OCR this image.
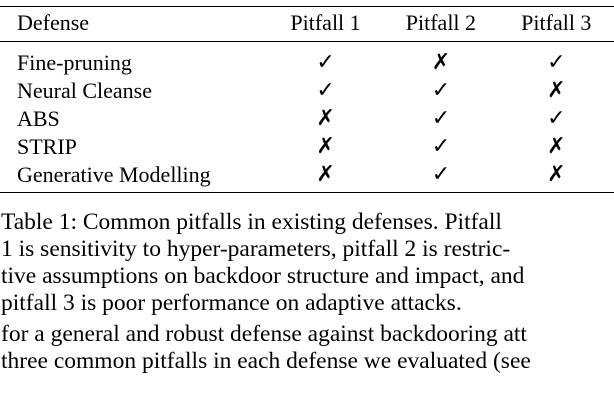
Defense	Pitfall 1	Pitfall 2	Pitfall 3
Fine-pruning	✓	✗	✓
Neural Cleanse	✓	✓	✗
ABS	✗	✓	✓
STRIP	✗	✓	✗
Generative Modelling	✗	✓	✗
Table 1: Common pitfalls in existing defenses. Pitfall
1 is sensitivity to hyper-parameters, pitfall 2 is restric-
tive assumptions on backdoor structure and impact, and
pitfall 3 is poor performance on adaptive attacks.
for a general and robust defense against backdooring att
three common pitfalls in each defense we evaluated (see
